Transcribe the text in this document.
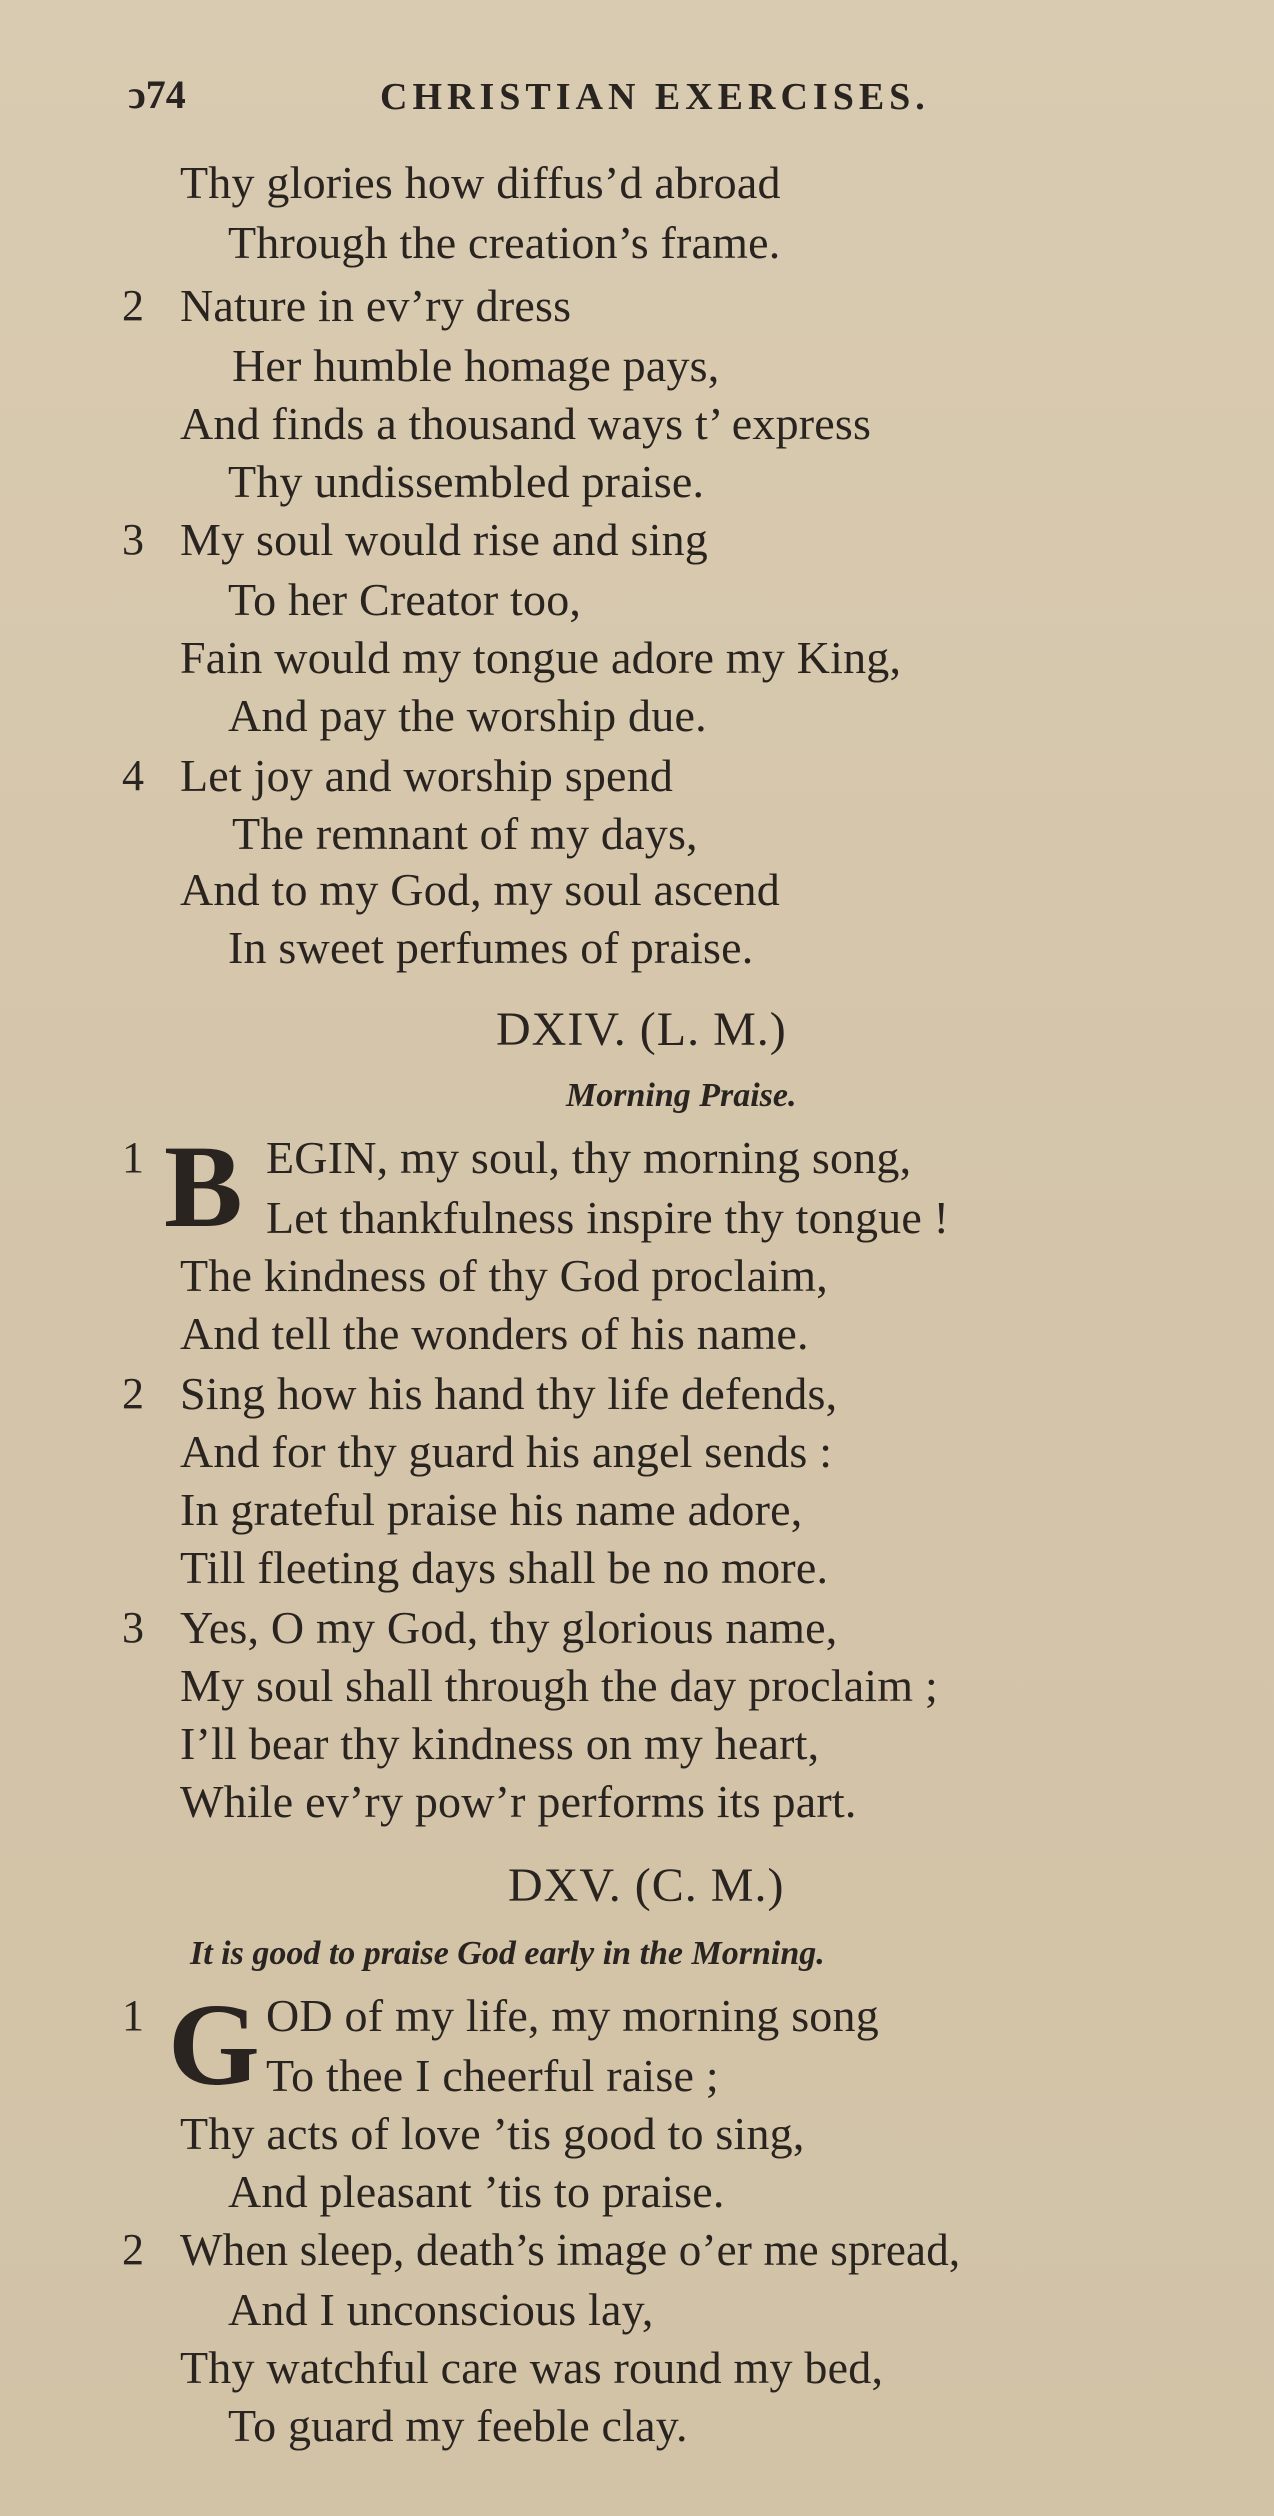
ͻ74	CHRISTIAN EXERCISES.
Thy glories how diffus’d abroad
Through the creation’s frame.
2 Nature in ev’ry dress
Her humble homage pays,
And finds a thousand ways t’ express
Thy undissembled praise.
3 My soul would rise and sing
To her Creator too,
Fain would my tongue adore my King,
And pay the worship due.
4 Let joy and worship spend
The remnant of my days,
And to my God, my soul ascend
In sweet perfumes of praise.
DXIV. (L. M.)
Morning Praise.
1 B EGIN, my soul, thy morning song,
Let thankfulness inspire thy tongue !
The kindness of thy God proclaim,
And tell the wonders of his name.
2 Sing how his hand thy life defends,
And for thy guard his angel sends :
In grateful praise his name adore,
Till fleeting days shall be no more.
3 Yes, O my God, thy glorious name,
My soul shall through the day proclaim ;
I’ll bear thy kindness on my heart,
While ev’ry pow’r performs its part.
DXV. (C. M.)
It is good to praise God early in the Morning.
1 G OD of my life, my morning song
To thee I cheerful raise ;
Thy acts of love ’tis good to sing,
And pleasant ’tis to praise.
2 When sleep, death’s image o’er me spread,
And I unconscious lay,
Thy watchful care was round my bed,
To guard my feeble clay.
